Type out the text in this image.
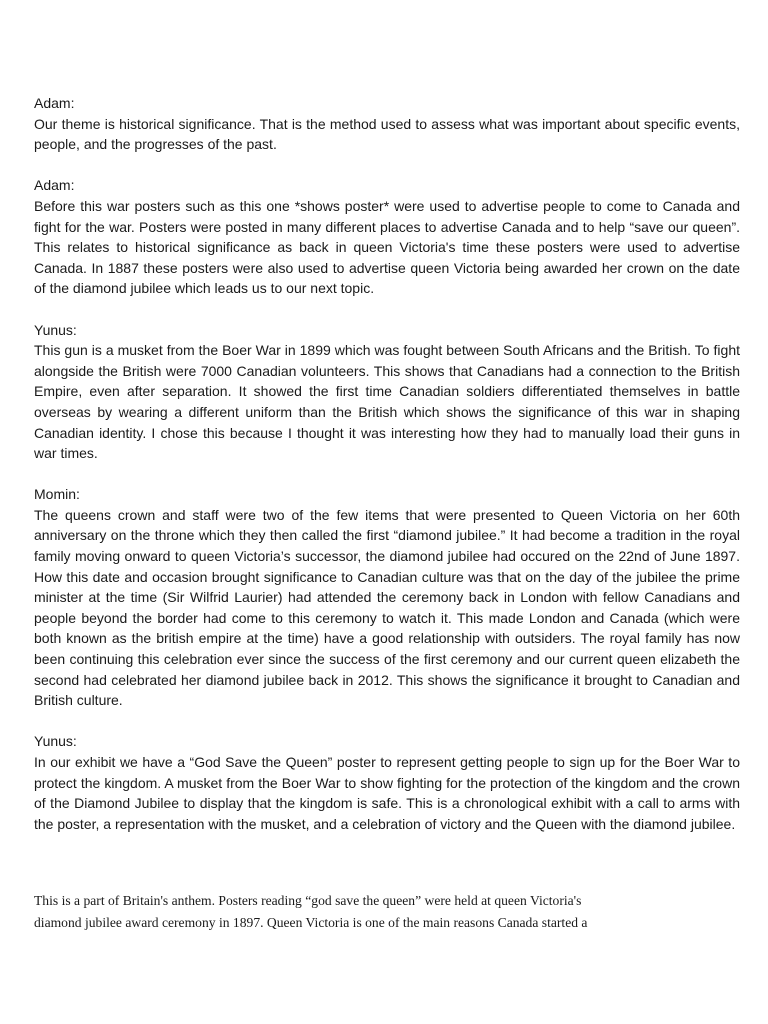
Adam:
Our theme is historical significance. That is the method used to assess what was important about specific events, people, and the progresses of the past.
Adam:
Before this war posters such as this one *shows poster* were used to advertise people to come to Canada and fight for the war. Posters were posted in many different places to advertise Canada and to help “save our queen”. This relates to historical significance as back in queen Victoria's time these posters were used to advertise Canada. In 1887 these posters were also used to advertise queen Victoria being awarded her crown on the date of the diamond jubilee which leads us to our next topic.
Yunus:
This gun is a musket from the Boer War in 1899 which was fought between South Africans and the British. To fight alongside the British were 7000 Canadian volunteers. This shows that Canadians had a connection to the British Empire, even after separation. It showed the first time Canadian soldiers differentiated themselves in battle overseas by wearing a different uniform than the British which shows the significance of this war in shaping Canadian identity. I chose this because I thought it was interesting how they had to manually load their guns in war times.
Momin:
The queens crown and staff were two of the few items that were presented to Queen Victoria on her 60th anniversary on the throne which they then called the first “diamond jubilee.” It had become a tradition in the royal family moving onward to queen Victoria’s successor, the diamond jubilee had occured on the 22nd of June 1897. How this date and occasion brought significance to Canadian culture was that on the day of the jubilee the prime minister at the time (Sir Wilfrid Laurier) had attended the ceremony back in London with fellow Canadians and people beyond the border had come to this ceremony to watch it. This made London and Canada (which were both known as the british empire at the time) have a good relationship with outsiders. The royal family has now been continuing this celebration ever since the success of the first ceremony and our current queen elizabeth the second had celebrated her diamond jubilee back in 2012. This shows the significance it brought to Canadian and British culture.
Yunus:
In our exhibit we have a “God Save the Queen” poster to represent getting people to sign up for the Boer War to protect the kingdom. A musket from the Boer War to show fighting for the protection of the kingdom and the crown of the Diamond Jubilee to display that the kingdom is safe. This is a chronological exhibit with a call to arms with the poster, a representation with the musket, and a celebration of victory and the Queen with the diamond jubilee.
This is a part of Britain's anthem. Posters reading “god save the queen” were held at queen Victoria's
diamond jubilee award ceremony in 1897. Queen Victoria is one of the main reasons Canada started a
